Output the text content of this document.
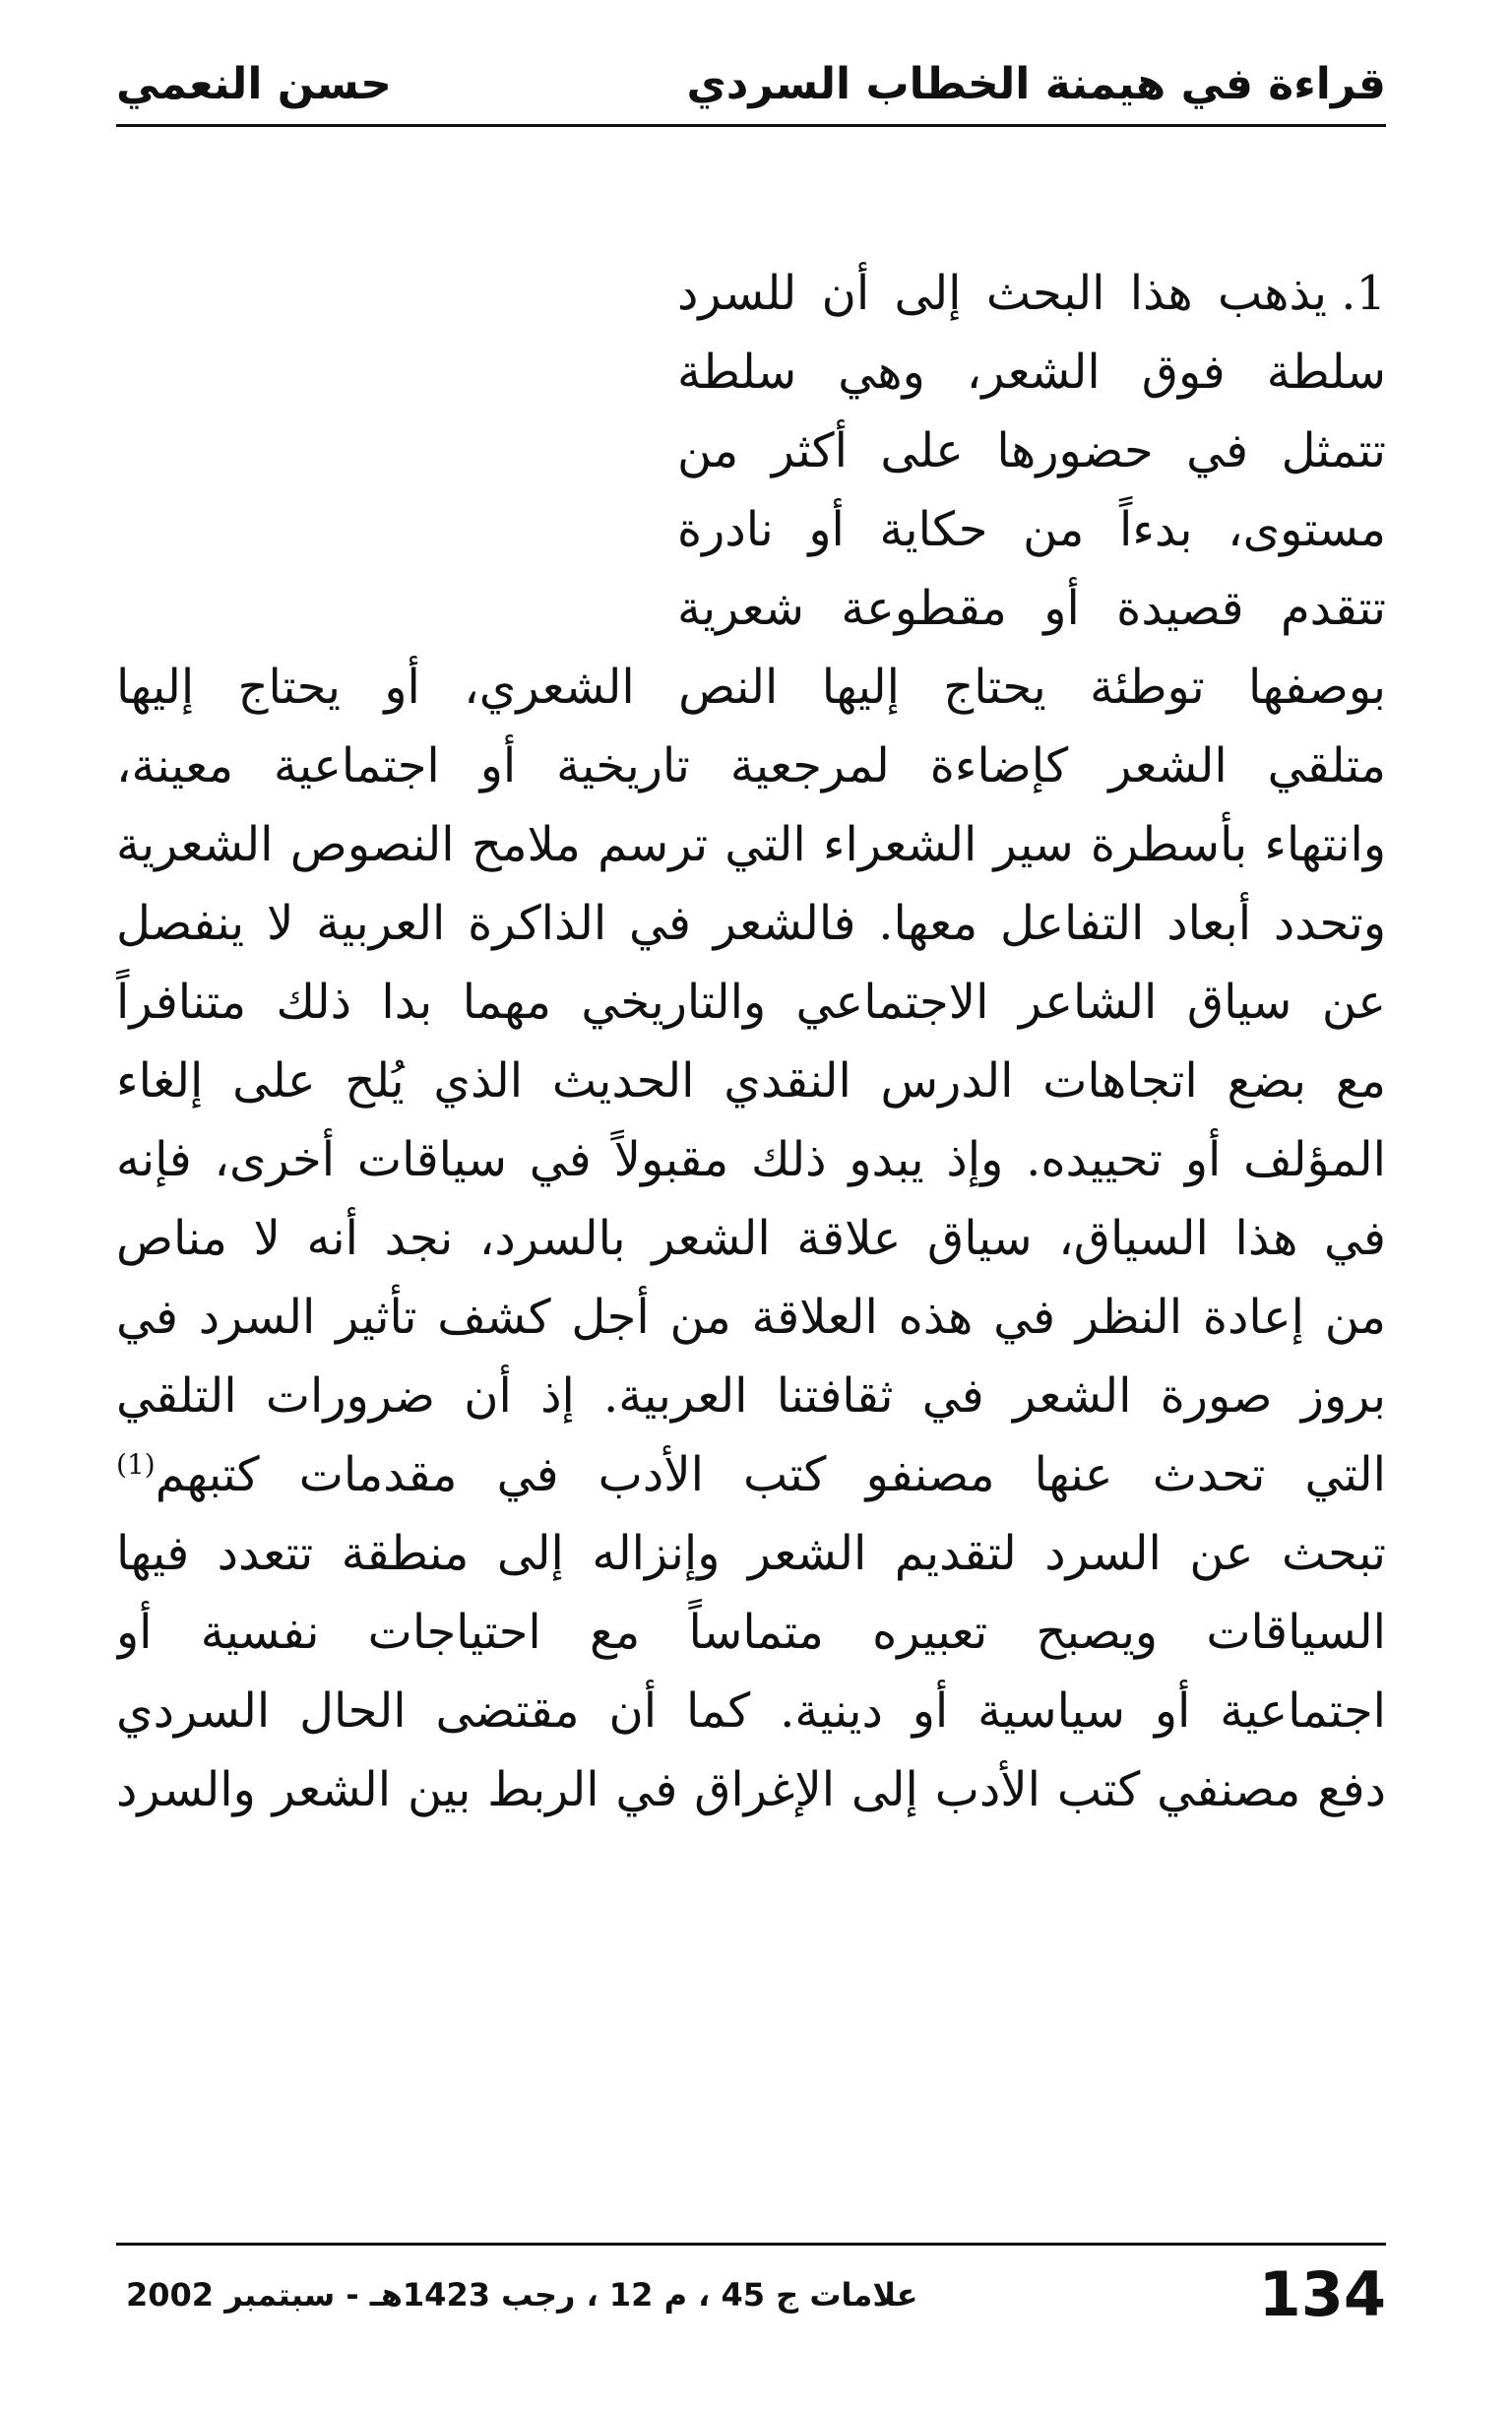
قراءة في هيمنة الخطاب السردي
حسن النعمي
1.يذهب هذا البحث إلى أن للسرد
سلطة فوق الشعر، وهي سلطة
تتمثل في حضورها على أكثر من
مستوى، بدءاً من حكاية أو نادرة
تتقدم قصيدة أو مقطوعة شعرية
بوصفها توطئة يحتاج إليها النص الشعري، أو يحتاج إليها
متلقي الشعر كإضاءة لمرجعية تاريخية أو اجتماعية معينة،
وانتهاء بأسطرة سير الشعراء التي ترسم ملامح النصوص الشعرية
وتحدد أبعاد التفاعل معها. فالشعر في الذاكرة العربية لا ينفصل
عن سياق الشاعر الاجتماعي والتاريخي مهما بدا ذلك متنافراً
مع بضع اتجاهات الدرس النقدي الحديث الذي يُلح على إلغاء
المؤلف أو تحييده. وإذ يبدو ذلك مقبولاً في سياقات أخرى، فإنه
في هذا السياق، سياق علاقة الشعر بالسرد، نجد أنه لا مناص
من إعادة النظر في هذه العلاقة من أجل كشف تأثير السرد في
بروز صورة الشعر في ثقافتنا العربية. إذ أن ضرورات التلقي
التي تحدث عنها مصنفو كتب الأدب في مقدمات كتبهم$^{(1)}$
تبحث عن السرد لتقديم الشعر وإنزاله إلى منطقة تتعدد فيها
السياقات ويصبح تعبيره متماساً مع احتياجات نفسية أو
اجتماعية أو سياسية أو دينية. كما أن مقتضى الحال السردي
دفع مصنفي كتب الأدب إلى الإغراق في الربط بين الشعر والسرد
134
علامات ج 45 ، م 12 ، رجب 1423هـ - سبتمبر 2002
